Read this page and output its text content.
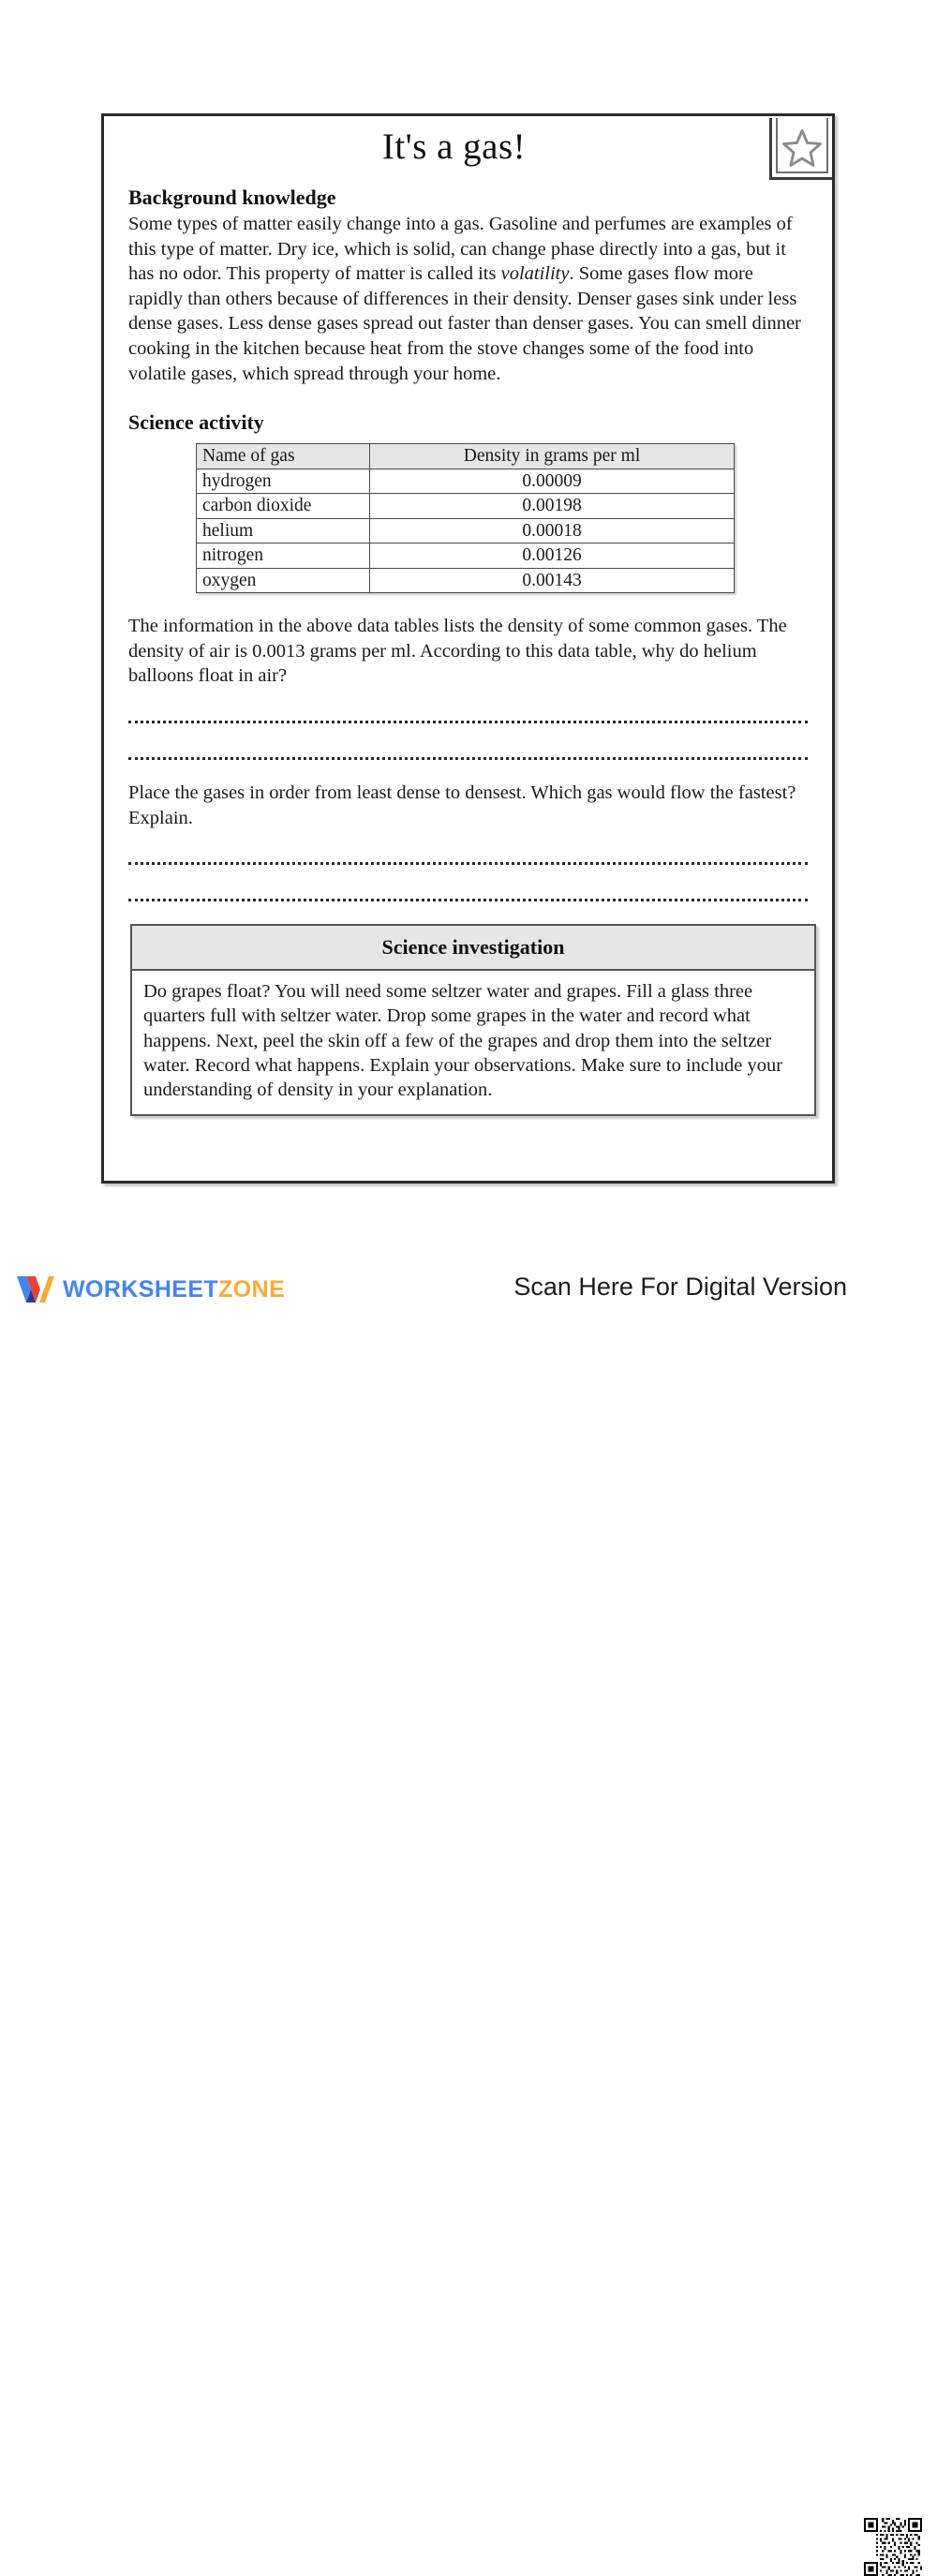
It's a gas!
Background knowledge

Some types of matter easily change into a gas. Gasoline and perfumes are examples of this type of matter. Dry ice, which is solid, can change phase directly into a gas, but it has no odor. This property of matter is called its volatility. Some gases flow more rapidly than others because of differences in their density. Denser gases sink under less dense gases. Less dense gases spread out faster than denser gases. You can smell dinner cooking in the kitchen because heat from the stove changes some of the food into volatile gases, which spread through your home.

Science activity
Name of gas	Density in grams per ml
hydrogen	0.00009
carbon dioxide	0.00198
helium	0.00018
nitrogen	0.00126
oxygen	0.00143

The information in the above data tables lists the density of some common gases. The density of air is 0.0013 grams per ml. According to this data table, why do helium balloons float in air?

Place the gases in order from least dense to densest. Which gas would flow the fastest? Explain.

Science investigation
Do grapes float? You will need some seltzer water and grapes. Fill a glass three quarters full with seltzer water. Drop some grapes in the water and record what happens. Next, peel the skin off a few of the grapes and drop them into the seltzer water. Record what happens. Explain your observations. Make sure to include your understanding of density in your explanation.
WORKSHEETZONE	Scan Here For Digital Version
